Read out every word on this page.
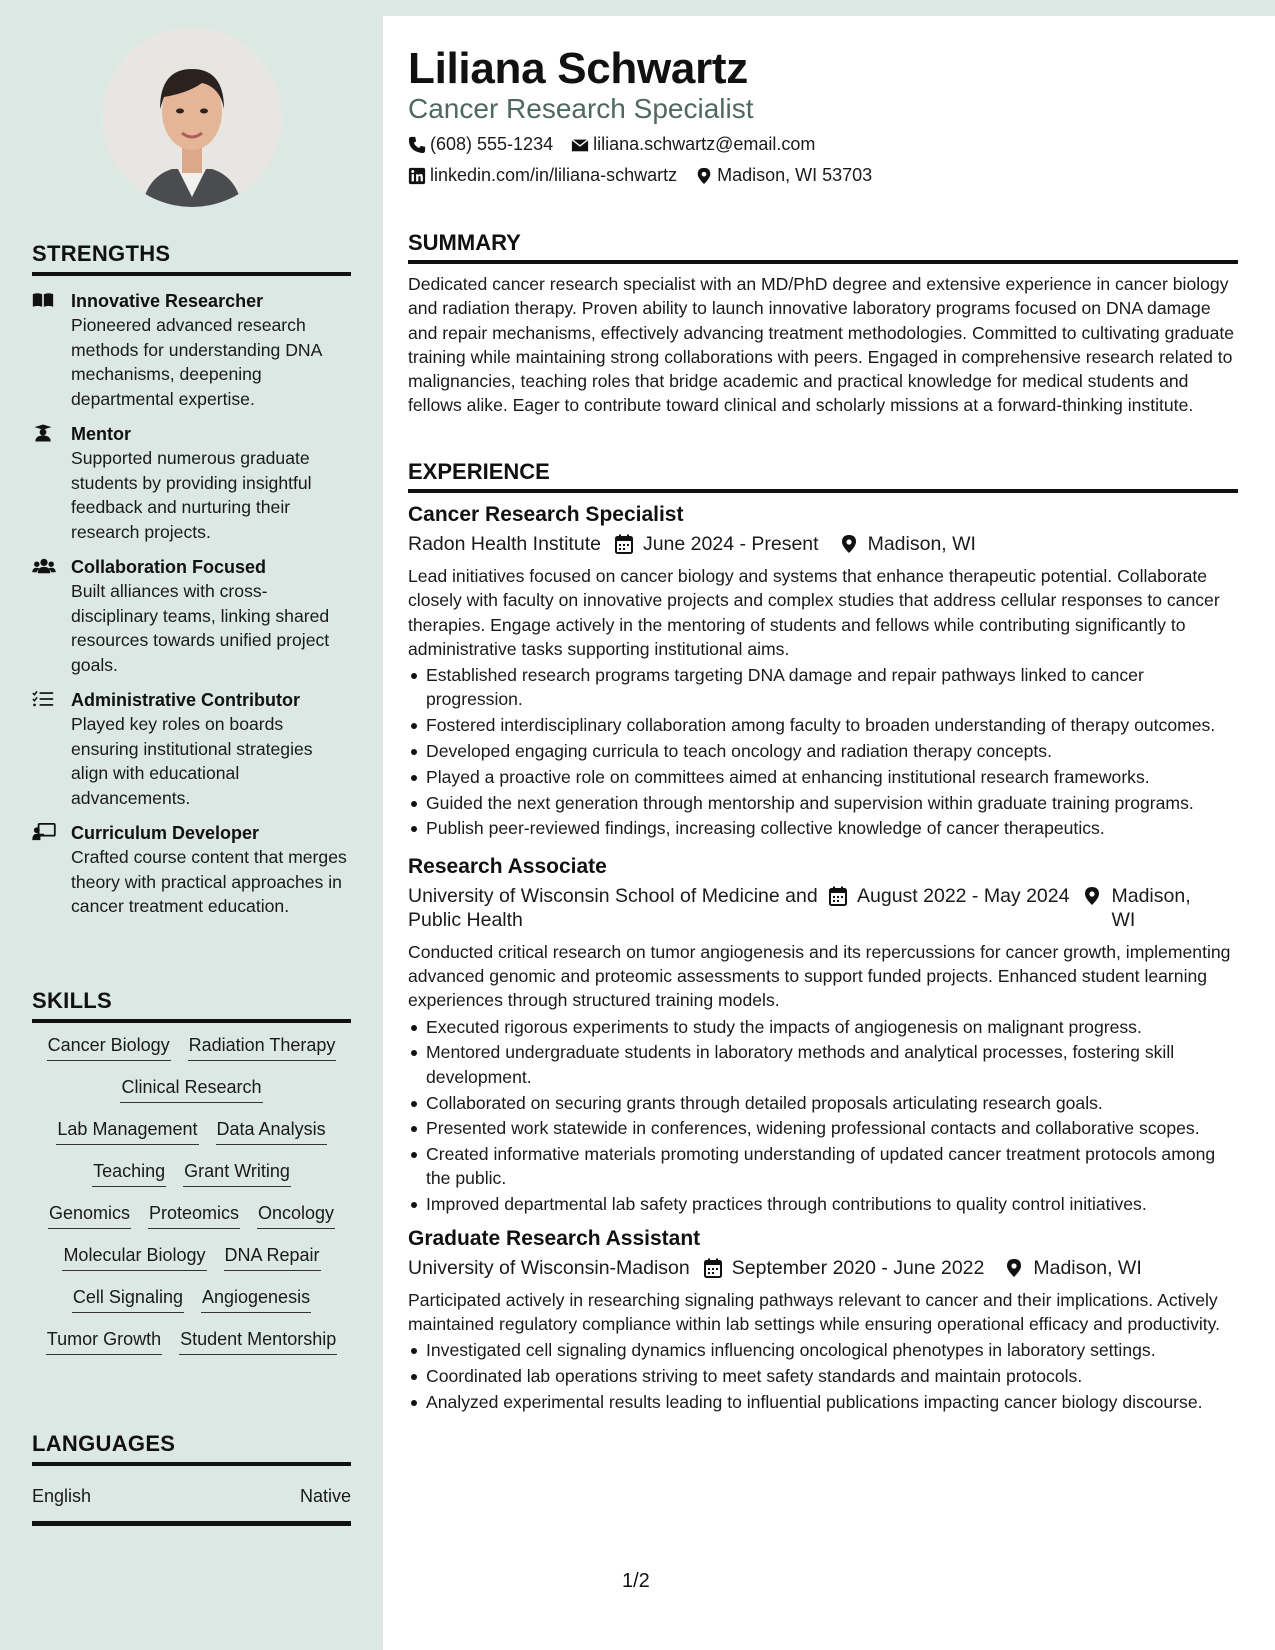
STRENGTHS
Innovative Researcher
Pioneered advanced research methods for understanding DNA mechanisms, deepening departmental expertise.
Mentor
Supported numerous graduate students by providing insightful feedback and nurturing their research projects.
Collaboration Focused
Built alliances with cross-disciplinary teams, linking shared resources towards unified project goals.
Administrative Contributor
Played key roles on boards ensuring institutional strategies align with educational advancements.
Curriculum Developer
Crafted course content that merges theory with practical approaches in cancer treatment education.
SKILLS
Cancer Biology Radiation Therapy
Clinical Research
Lab Management Data Analysis
Teaching Grant Writing
Genomics Proteomics Oncology
Molecular Biology DNA Repair
Cell Signaling Angiogenesis
Tumor Growth Student Mentorship
LANGUAGES
English	Native
Liliana Schwartz
Cancer Research Specialist
(608) 555-1234 liliana.schwartz@email.com
linkedin.com/in/liliana-schwartz Madison, WI 53703
SUMMARY
Dedicated cancer research specialist with an MD/PhD degree and extensive experience in cancer biology and radiation therapy. Proven ability to launch innovative laboratory programs focused on DNA damage and repair mechanisms, effectively advancing treatment methodologies. Committed to cultivating graduate training while maintaining strong collaborations with peers. Engaged in comprehensive research related to malignancies, teaching roles that bridge academic and practical knowledge for medical students and fellows alike. Eager to contribute toward clinical and scholarly missions at a forward-thinking institute.
EXPERIENCE
Cancer Research Specialist
Radon Health Institute June 2024 - Present	Madison, WI
Lead initiatives focused on cancer biology and systems that enhance therapeutic potential. Collaborate closely with faculty on innovative projects and complex studies that address cellular responses to cancer therapies. Engage actively in the mentoring of students and fellows while contributing significantly to administrative tasks supporting institutional aims.
Established research programs targeting DNA damage and repair pathways linked to cancer progression.
Fostered interdisciplinary collaboration among faculty to broaden understanding of therapy outcomes.
Developed engaging curricula to teach oncology and radiation therapy concepts.
Played a proactive role on committees aimed at enhancing institutional research frameworks.
Guided the next generation through mentorship and supervision within graduate training programs.
Publish peer-reviewed findings, increasing collective knowledge of cancer therapeutics.
Research Associate
University of Wisconsin School of Medicine and Public Health
August 2022 - May 2024 Madison, WI
Conducted critical research on tumor angiogenesis and its repercussions for cancer growth, implementing advanced genomic and proteomic assessments to support funded projects. Enhanced student learning experiences through structured training models.
Executed rigorous experiments to study the impacts of angiogenesis on malignant progress.
Mentored undergraduate students in laboratory methods and analytical processes, fostering skill development.
Collaborated on securing grants through detailed proposals articulating research goals.
Presented work statewide in conferences, widening professional contacts and collaborative scopes.
Created informative materials promoting understanding of updated cancer treatment protocols among the public.
Improved departmental lab safety practices through contributions to quality control initiatives.
Graduate Research Assistant
University of Wisconsin-Madison September 2020 - June 2022	Madison, WI
Participated actively in researching signaling pathways relevant to cancer and their implications. Actively maintained regulatory compliance within lab settings while ensuring operational efficacy and productivity.
Investigated cell signaling dynamics influencing oncological phenotypes in laboratory settings.
Coordinated lab operations striving to meet safety standards and maintain protocols.
Analyzed experimental results leading to influential publications impacting cancer biology discourse.
1/2
